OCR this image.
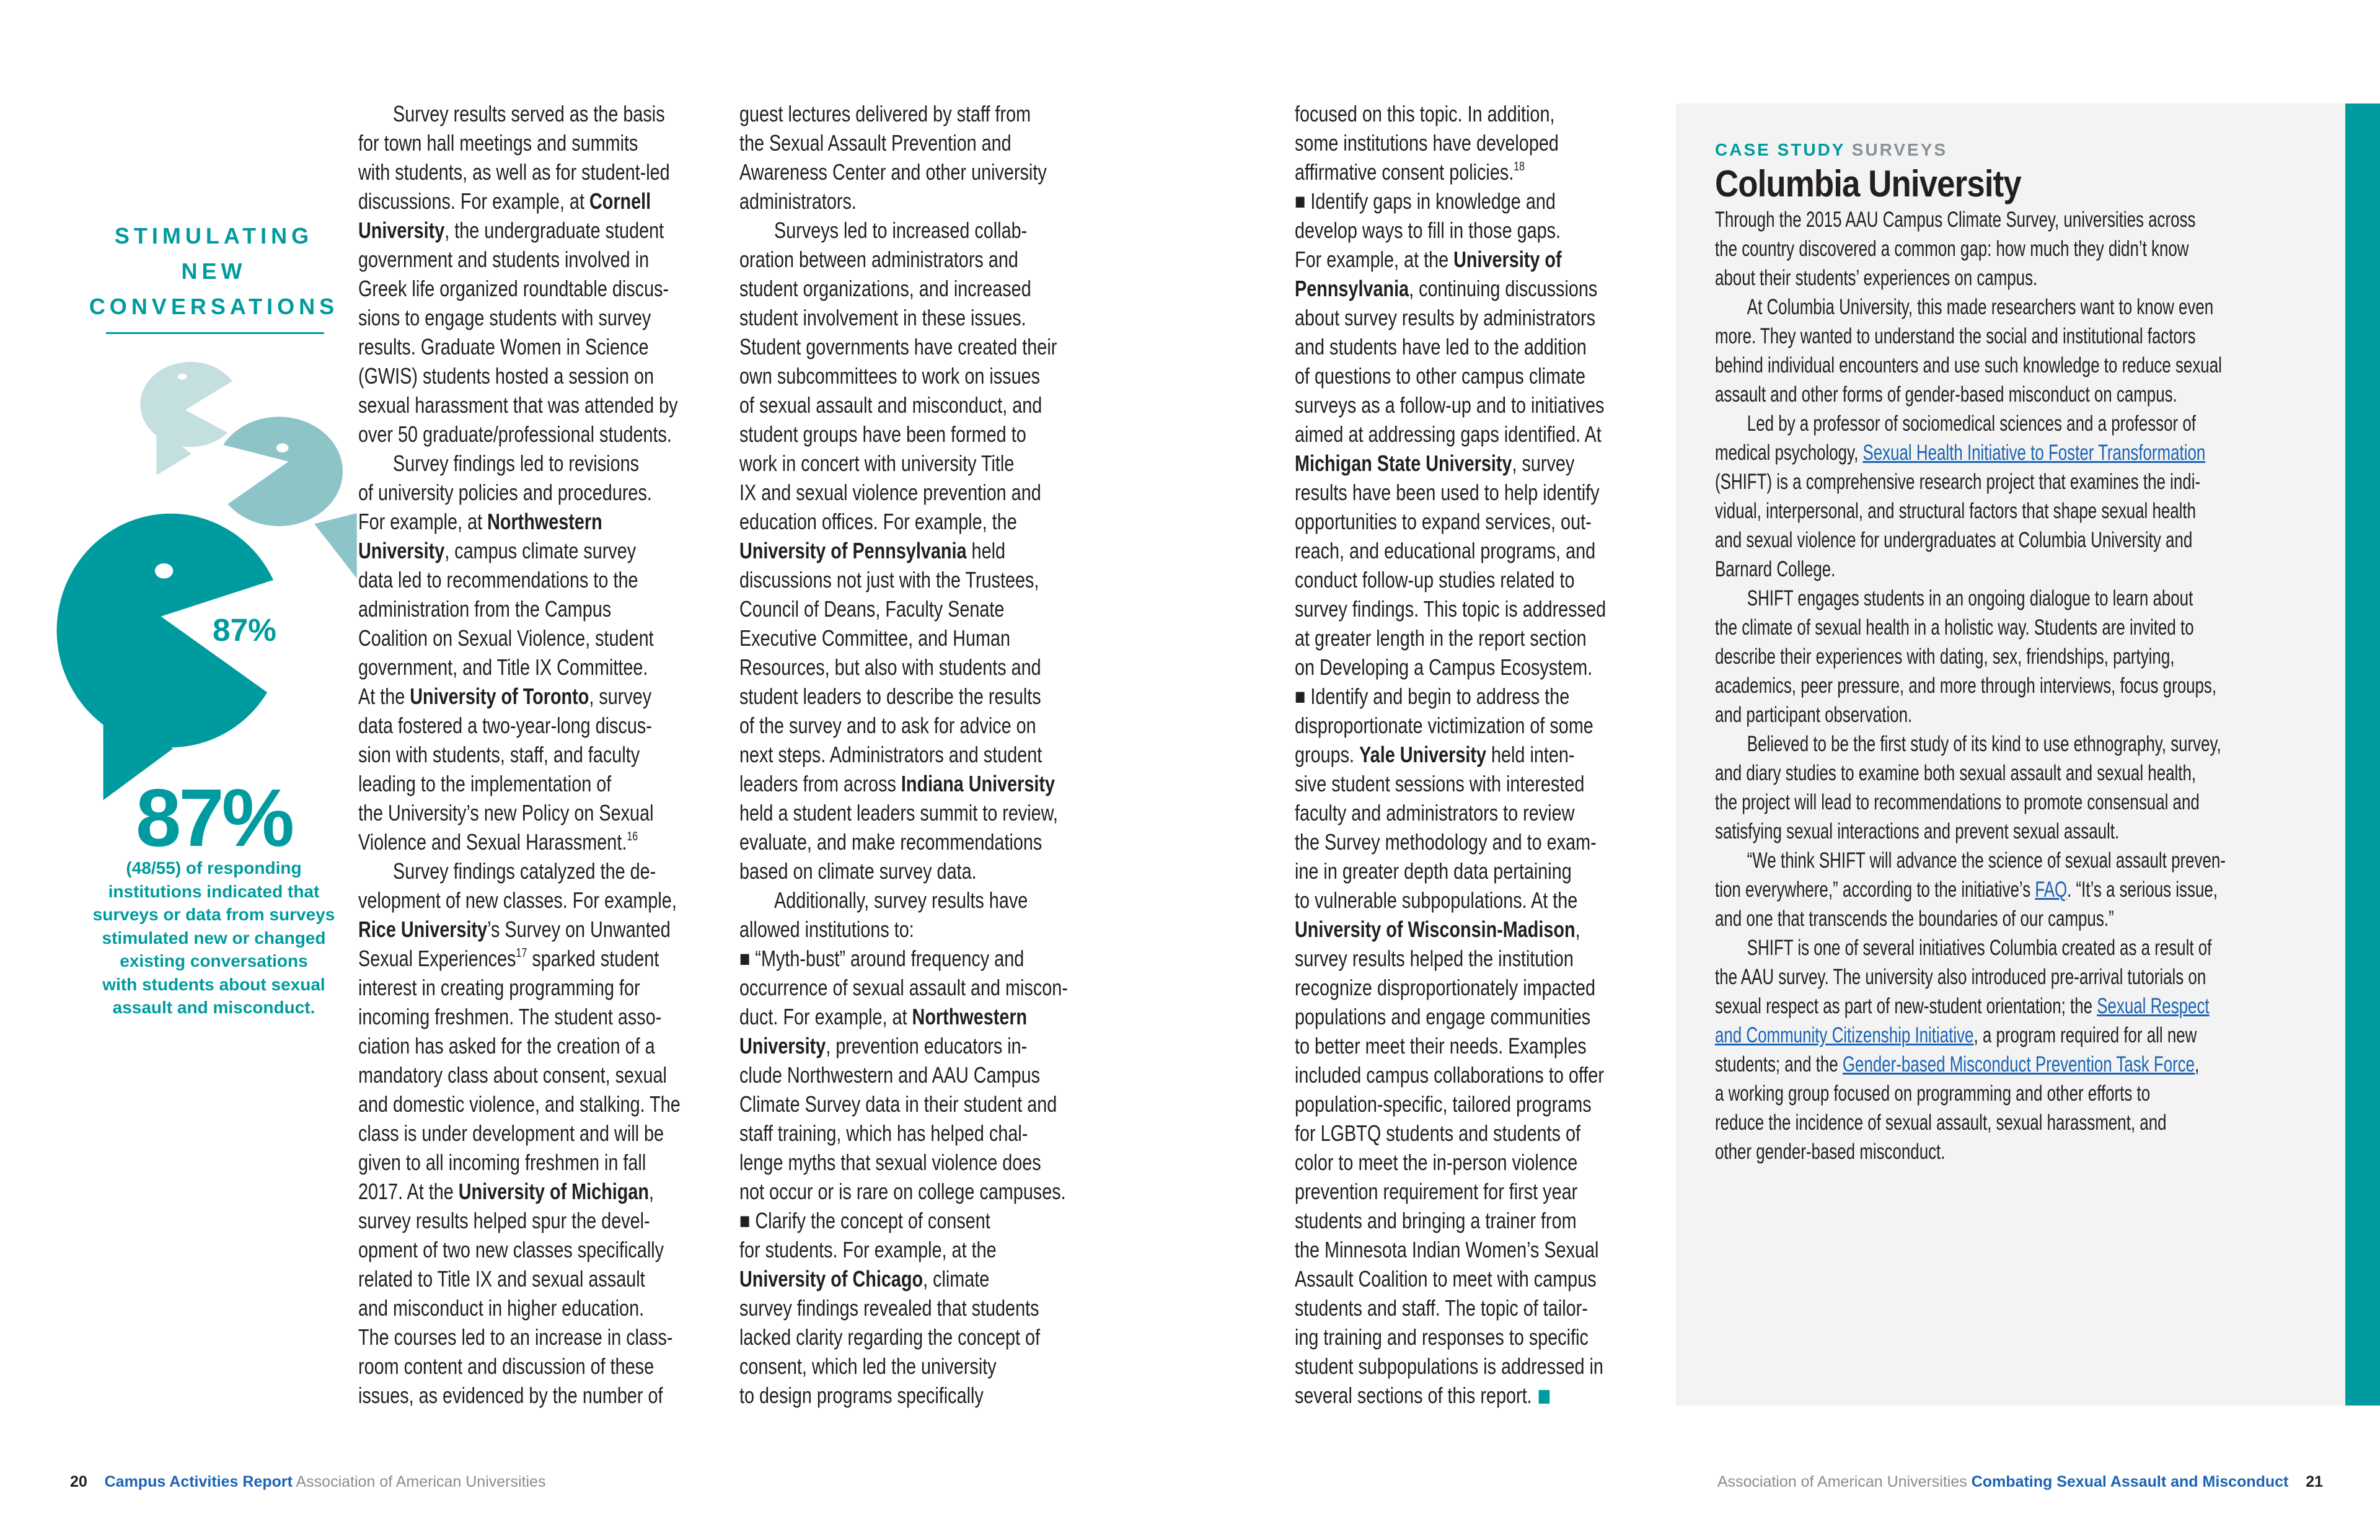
STIMULATING
NEW
CONVERSATIONS
87%
87%
(48/55) of responding
institutions indicated that
surveys or data from surveys
stimulated new or changed
existing conversations
with students about sexual
assault and misconduct.
Survey results served as the basis
for town hall meetings and summits
with students, as well as for student-led
discussions. For example, at Cornell
University, the undergraduate student
government and students involved in
Greek life organized roundtable discus-
sions to engage students with survey
results. Graduate Women in Science
(GWIS) students hosted a session on
sexual harassment that was attended by
over 50 graduate/professional students.
Survey findings led to revisions
of university policies and procedures.
For example, at Northwestern
University, campus climate survey
data led to recommendations to the
administration from the Campus
Coalition on Sexual Violence, student
government, and Title IX Committee.
At the University of Toronto, survey
data fostered a two-year-long discus-
sion with students, staff, and faculty
leading to the implementation of
the University’s new Policy on Sexual
Violence and Sexual Harassment.$^{16}$
Survey findings catalyzed the de-
velopment of new classes. For example,
Rice University’s Survey on Unwanted
Sexual Experiences$^{17}$ sparked student
interest in creating programming for
incoming freshmen. The student asso-
ciation has asked for the creation of a
mandatory class about consent, sexual
and domestic violence, and stalking. The
class is under development and will be
given to all incoming freshmen in fall
2017. At the University of Michigan,
survey results helped spur the devel-
opment of two new classes specifically
related to Title IX and sexual assault
and misconduct in higher education.
The courses led to an increase in class-
room content and discussion of these
issues, as evidenced by the number of
guest lectures delivered by staff from
the Sexual Assault Prevention and
Awareness Center and other university
administrators.
Surveys led to increased collab-
oration between administrators and
student organizations, and increased
student involvement in these issues.
Student governments have created their
own subcommittees to work on issues
of sexual assault and misconduct, and
student groups have been formed to
work in concert with university Title
IX and sexual violence prevention and
education offices. For example, the
University of Pennsylvania held
discussions not just with the Trustees,
Council of Deans, Faculty Senate
Executive Committee, and Human
Resources, but also with students and
student leaders to describe the results
of the survey and to ask for advice on
next steps. Administrators and student
leaders from across Indiana University
held a student leaders summit to review,
evaluate, and make recommendations
based on climate survey data.
Additionally, survey results have
allowed institutions to:
■ “Myth-bust” around frequency and
occurrence of sexual assault and miscon-
duct. For example, at Northwestern
University, prevention educators in-
clude Northwestern and AAU Campus
Climate Survey data in their student and
staff training, which has helped chal-
lenge myths that sexual violence does
not occur or is rare on college campuses.
■ Clarify the concept of consent
for students. For example, at the
University of Chicago, climate
survey findings revealed that students
lacked clarity regarding the concept of
consent, which led the university
to design programs specifically
focused on this topic. In addition,
some institutions have developed
affirmative consent policies.$^{18}$
■ Identify gaps in knowledge and
develop ways to fill in those gaps.
For example, at the University of
Pennsylvania, continuing discussions
about survey results by administrators
and students have led to the addition
of questions to other campus climate
surveys as a follow-up and to initiatives
aimed at addressing gaps identified. At
Michigan State University, survey
results have been used to help identify
opportunities to expand services, out-
reach, and educational programs, and
conduct follow-up studies related to
survey findings. This topic is addressed
at greater length in the report section
on Developing a Campus Ecosystem.
■ Identify and begin to address the
disproportionate victimization of some
groups. Yale University held inten-
sive student sessions with interested
faculty and administrators to review
the Survey methodology and to exam-
ine in greater depth data pertaining
to vulnerable subpopulations. At the
University of Wisconsin-Madison,
survey results helped the institution
recognize disproportionately impacted
populations and engage communities
to better meet their needs. Examples
included campus collaborations to offer
population-specific, tailored programs
for LGBTQ students and students of
color to meet the in-person violence
prevention requirement for first year
students and bringing a trainer from
the Minnesota Indian Women’s Sexual
Assault Coalition to meet with campus
students and staff. The topic of tailor-
ing training and responses to specific
student subpopulations is addressed in
several sections of this report.
CASE STUDY SURVEYS
Columbia University
Through the 2015 AAU Campus Climate Survey, universities across
the country discovered a common gap: how much they didn’t know
about their students’ experiences on campus.
At Columbia University, this made researchers want to know even
more. They wanted to understand the social and institutional factors
behind individual encounters and use such knowledge to reduce sexual
assault and other forms of gender-based misconduct on campus.
Led by a professor of sociomedical sciences and a professor of
medical psychology, Sexual Health Initiative to Foster Transformation
(SHIFT) is a comprehensive research project that examines the indi-
vidual, interpersonal, and structural factors that shape sexual health
and sexual violence for undergraduates at Columbia University and
Barnard College.
SHIFT engages students in an ongoing dialogue to learn about
the climate of sexual health in a holistic way. Students are invited to
describe their experiences with dating, sex, friendships, partying,
academics, peer pressure, and more through interviews, focus groups,
and participant observation.
Believed to be the first study of its kind to use ethnography, survey,
and diary studies to examine both sexual assault and sexual health,
the project will lead to recommendations to promote consensual and
satisfying sexual interactions and prevent sexual assault.
“We think SHIFT will advance the science of sexual assault preven-
tion everywhere,” according to the initiative’s FAQ. “It’s a serious issue,
and one that transcends the boundaries of our campus.”
SHIFT is one of several initiatives Columbia created as a result of
the AAU survey. The university also introduced pre-arrival tutorials on
sexual respect as part of new-student orientation; the Sexual Respect
and Community Citizenship Initiative, a program required for all new
students; and the Gender-based Misconduct Prevention Task Force,
a working group focused on programming and other efforts to
reduce the incidence of sexual assault, sexual harassment, and
other gender-based misconduct.
20 Campus Activities Report Association of American Universities	Association of American Universities Combating Sexual Assault and Misconduct 21
